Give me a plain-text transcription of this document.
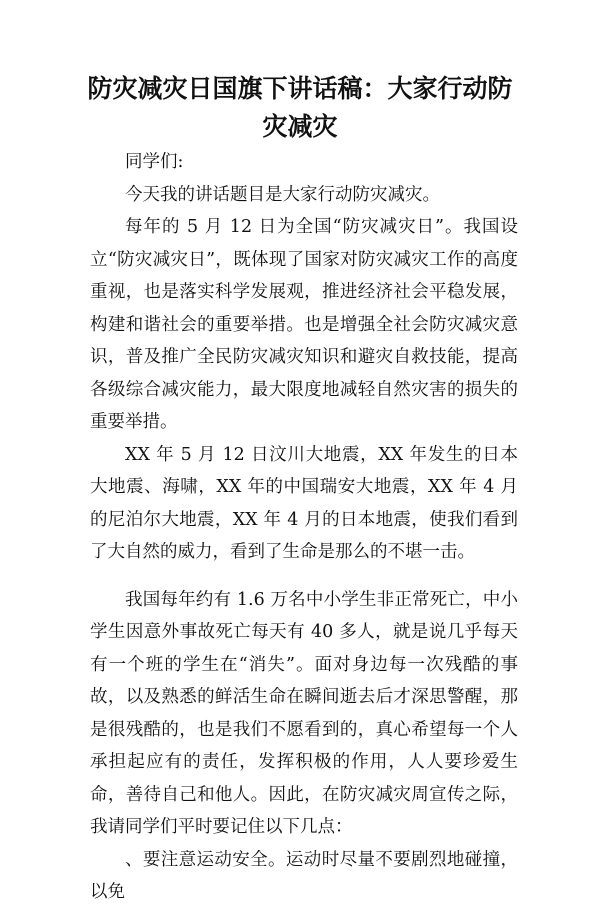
防灾减灾日国旗下讲话稿：大家行动防灾减灾

同学们:

今天我的讲话题目是大家行动防灾减灾。

每年的 5 月 12 日为全国“防灾减灾日”。我国设立“防灾减灾日”，既体现了国家对防灾减灾工作的高度重视，也是落实科学发展观，推进经济社会平稳发展，构建和谐社会的重要举措。也是增强全社会防灾减灾意识，普及推广全民防灾减灾知识和避灾自救技能，提高各级综合减灾能力，最大限度地减轻自然灾害的损失的重要举措。

XX 年 5 月 12 日汶川大地震，XX 年发生的日本大地震、海啸，XX 年的中国瑞安大地震，XX 年 4 月的尼泊尔大地震，XX 年 4 月的日本地震，使我们看到了大自然的威力，看到了生命是那么的不堪一击。

我国每年约有 1.6 万名中小学生非正常死亡，中小学生因意外事故死亡每天有 40 多人，就是说几乎每天有一个班的学生在“消失”。面对身边每一次残酷的事故，以及熟悉的鲜活生命在瞬间逝去后才深思警醒，那是很残酷的，也是我们不愿看到的，真心希望每一个人承担起应有的责任，发挥积极的作用，人人要珍爱生命，善待自己和他人。因此，在防灾减灾周宣传之际，我请同学们平时要记住以下几点：

、要注意运动安全。运动时尽量不要剧烈地碰撞，以免
